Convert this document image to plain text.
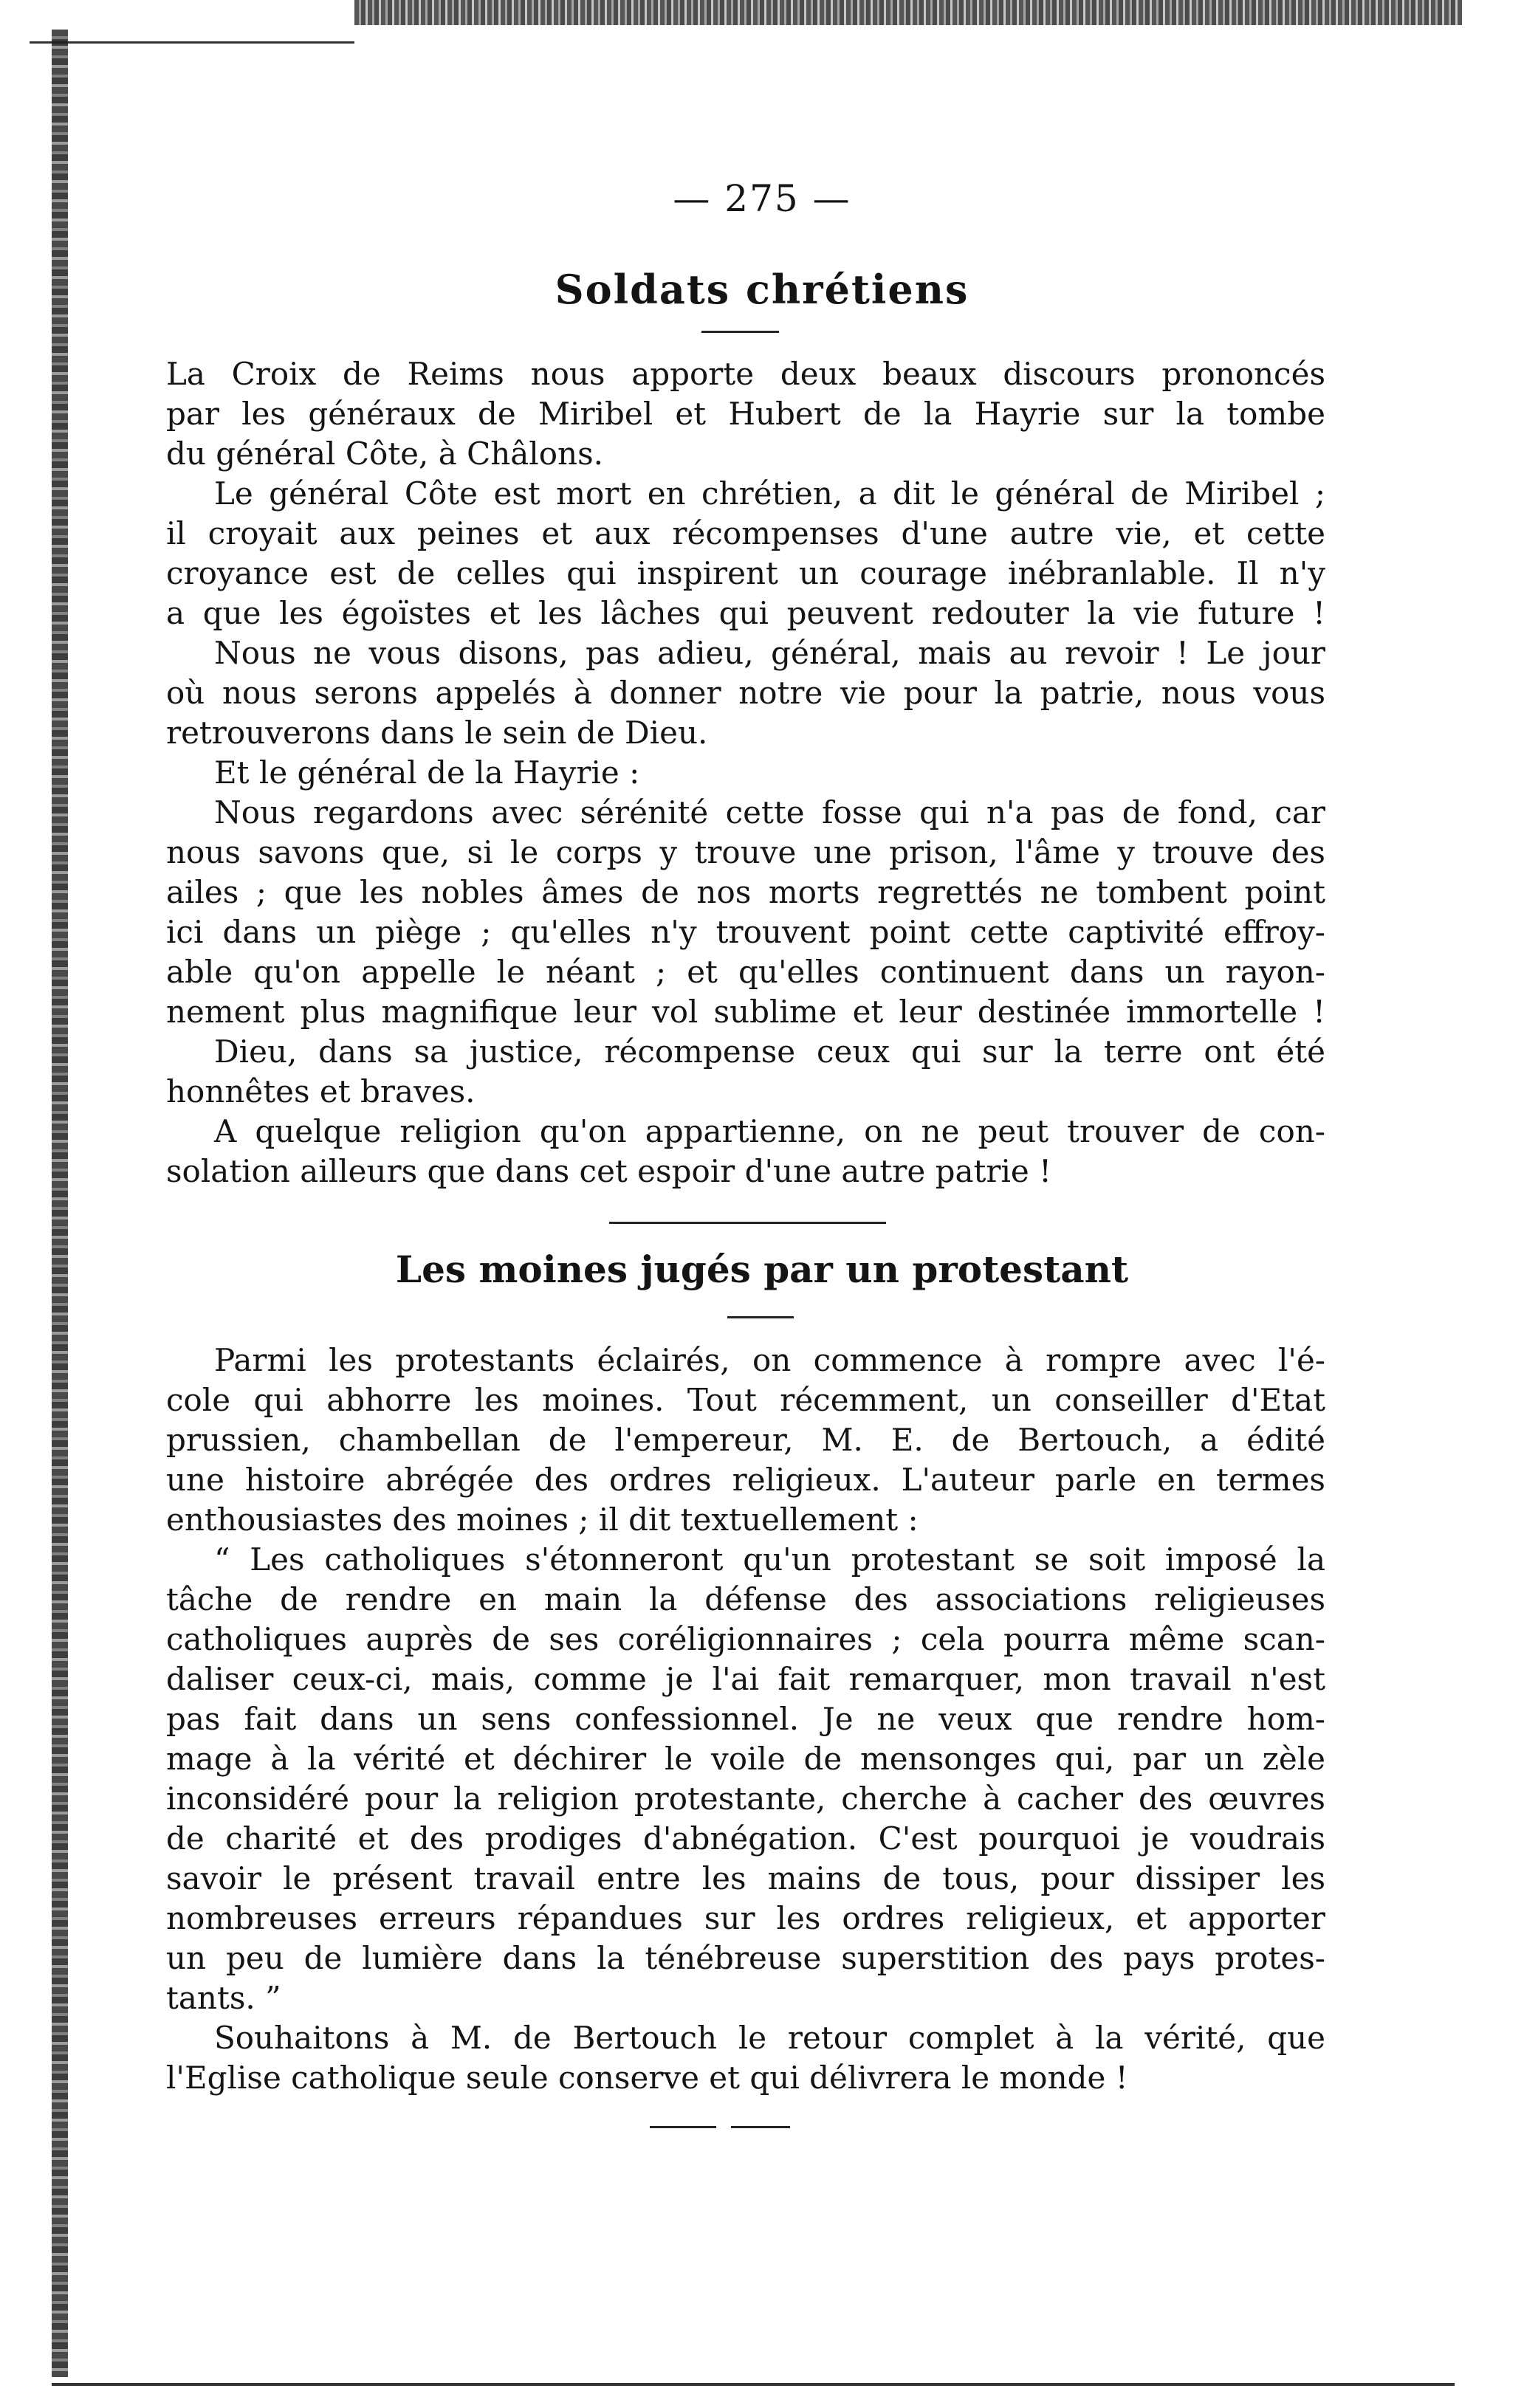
— 275 —
Soldats chrétiens
La Croix de Reims nous apporte deux beaux discours prononcés
par les généraux de Miribel et Hubert de la Hayrie sur la tombe
du général Côte, à Châlons.
Le général Côte est mort en chrétien, a dit le général de Miribel ;
il croyait aux peines et aux récompenses d'une autre vie, et cette
croyance est de celles qui inspirent un courage inébranlable. Il n'y
a que les égoïstes et les lâches qui peuvent redouter la vie future !
Nous ne vous disons, pas adieu, général, mais au revoir ! Le jour
où nous serons appelés à donner notre vie pour la patrie, nous vous
retrouverons dans le sein de Dieu.
Et le général de la Hayrie :
Nous regardons avec sérénité cette fosse qui n'a pas de fond, car
nous savons que, si le corps y trouve une prison, l'âme y trouve des
ailes ; que les nobles âmes de nos morts regrettés ne tombent point
ici dans un piège ; qu'elles n'y trouvent point cette captivité effroy-
able qu'on appelle le néant ; et qu'elles continuent dans un rayon-
nement plus magnifique leur vol sublime et leur destinée immortelle !
Dieu, dans sa justice, récompense ceux qui sur la terre ont été
honnêtes et braves.
A quelque religion qu'on appartienne, on ne peut trouver de con-
solation ailleurs que dans cet espoir d'une autre patrie !
Les moines jugés par un protestant
Parmi les protestants éclairés, on commence à rompre avec l'é-
cole qui abhorre les moines. Tout récemment, un conseiller d'Etat
prussien, chambellan de l'empereur, M. E. de Bertouch, a édité
une histoire abrégée des ordres religieux. L'auteur parle en termes
enthousiastes des moines ; il dit textuellement :
“ Les catholiques s'étonneront qu'un protestant se soit imposé la
tâche de rendre en main la défense des associations religieuses
catholiques auprès de ses coréligionnaires ; cela pourra même scan-
daliser ceux-ci, mais, comme je l'ai fait remarquer, mon travail n'est
pas fait dans un sens confessionnel. Je ne veux que rendre hom-
mage à la vérité et déchirer le voile de mensonges qui, par un zèle
inconsidéré pour la religion protestante, cherche à cacher des œuvres
de charité et des prodiges d'abnégation. C'est pourquoi je voudrais
savoir le présent travail entre les mains de tous, pour dissiper les
nombreuses erreurs répandues sur les ordres religieux, et apporter
un peu de lumière dans la ténébreuse superstition des pays protes-
tants. ”
Souhaitons à M. de Bertouch le retour complet à la vérité, que
l'Eglise catholique seule conserve et qui délivrera le monde !
